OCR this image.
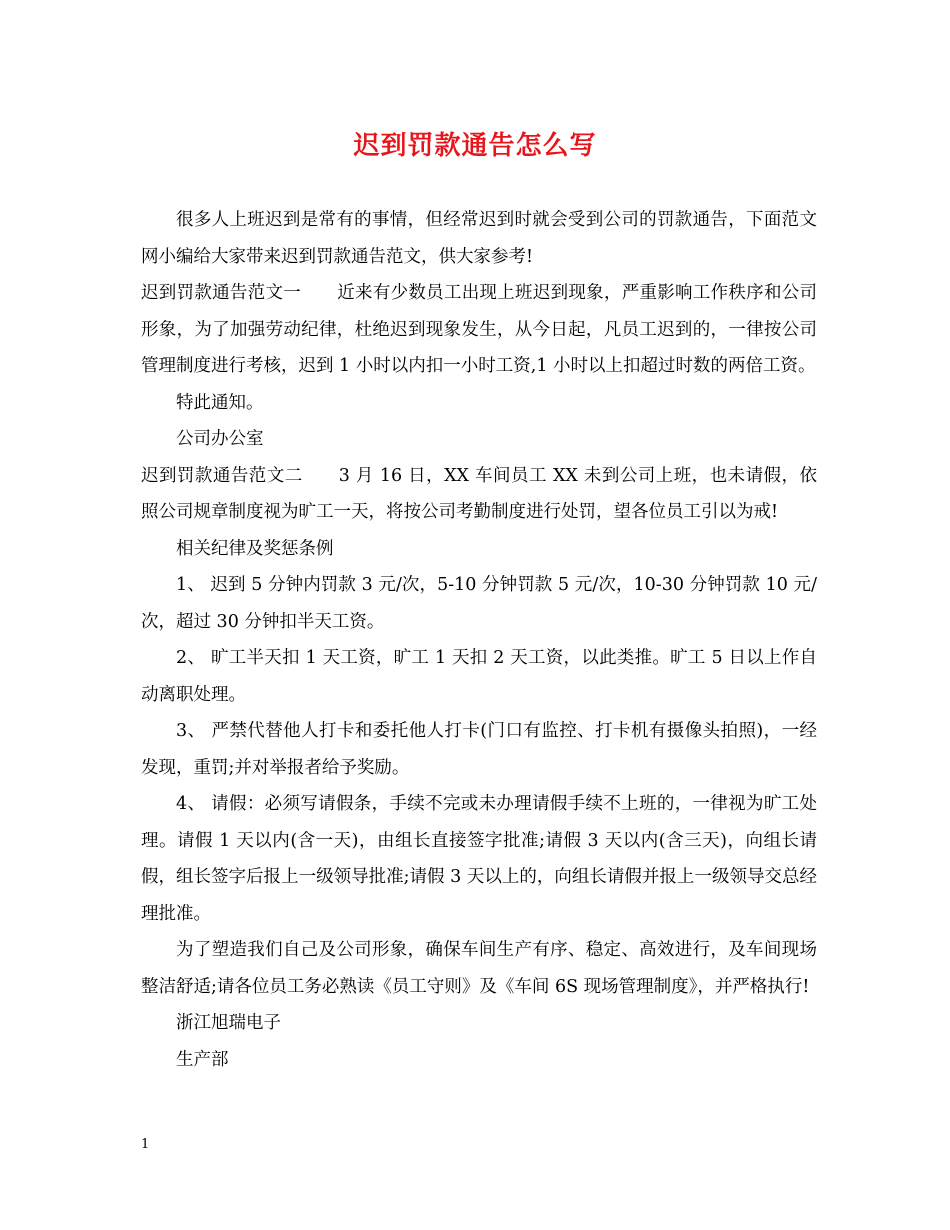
迟到罚款通告怎么写

很多人上班迟到是常有的事情，但经常迟到时就会受到公司的罚款通告，下面范文网小编给大家带来迟到罚款通告范文，供大家参考!

迟到罚款通告范文一 近来有少数员工出现上班迟到现象，严重影响工作秩序和公司形象，为了加强劳动纪律，杜绝迟到现象发生，从今日起，凡员工迟到的，一律按公司管理制度进行考核，迟到 1 小时以内扣一小时工资,1 小时以上扣超过时数的两倍工资。

特此通知。

公司办公室

迟到罚款通告范文二 3 月 16 日，XX 车间员工 XX 未到公司上班，也未请假，依照公司规章制度视为旷工一天，将按公司考勤制度进行处罚，望各位员工引以为戒!

相关纪律及奖惩条例

1、 迟到 5 分钟内罚款 3 元/次，5-10 分钟罚款 5 元/次，10-30 分钟罚款 10 元/次，超过 30 分钟扣半天工资。

2、 旷工半天扣 1 天工资，旷工 1 天扣 2 天工资，以此类推。旷工 5 日以上作自动离职处理。

3、 严禁代替他人打卡和委托他人打卡(门口有监控、打卡机有摄像头拍照)，一经发现，重罚;并对举报者给予奖励。

4、 请假：必须写请假条，手续不完或未办理请假手续不上班的，一律视为旷工处理。请假 1 天以内(含一天)，由组长直接签字批准;请假 3 天以内(含三天)，向组长请假，组长签字后报上一级领导批准;请假 3 天以上的，向组长请假并报上一级领导交总经理批准。

为了塑造我们自己及公司形象，确保车间生产有序、稳定、高效进行，及车间现场整洁舒适;请各位员工务必熟读《员工守则》及《车间 6S 现场管理制度》，并严格执行!

浙江旭瑞电子

生产部

1
